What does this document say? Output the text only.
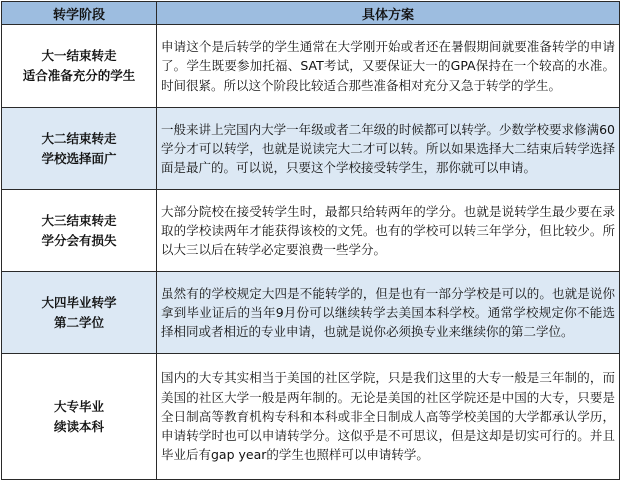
转学阶段	具体方案

大一结束转走
适合准备充分的学生	申请这个是后转学的学生通常在大学刚开始或者还在暑假期间就要准备转学的申请了。学生既要参加托福、SAT考试，又要保证大一的GPA保持在一个较高的水准。时间很紧。所以这个阶段比较适合那些准备相对充分又急于转学的学生。

大二结束转走
学校选择面广	一般来讲上完国内大学一年级或者二年级的时候都可以转学。少数学校要求修满60学分才可以转学，也就是说读完大二才可以转。所以如果选择大二结束后转学选择面是最广的。可以说，只要这个学校接受转学生，那你就可以申请。

大三结束转走
学分会有损失	大部分院校在接受转学生时，最都只给转两年的学分。也就是说转学生最少要在录取的学校读两年才能获得该校的文凭。也有的学校可以转三年学分，但比较少。所以大三以后在转学必定要浪费一些学分。

大四毕业转学
第二学位	虽然有的学校规定大四是不能转学的，但是也有一部分学校是可以的。也就是说你拿到毕业证后的当年9月份可以继续转学去美国本科学校。通常学校规定你不能选择相同或者相近的专业申请，也就是说你必须换专业来继续你的第二学位。

大专毕业
续读本科	国内的大专其实相当于美国的社区学院，只是我们这里的大专一般是三年制的，而美国的社区大学一般是两年制的。无论是美国的社区学院还是中国的大专，只要是全日制高等教育机构专科和本科或非全日制成人高等学校美国的大学都承认学历，申请转学时也可以申请转学分。这似乎是不可思议，但是这却是切实可行的。并且毕业后有gap year的学生也照样可以申请转学。
